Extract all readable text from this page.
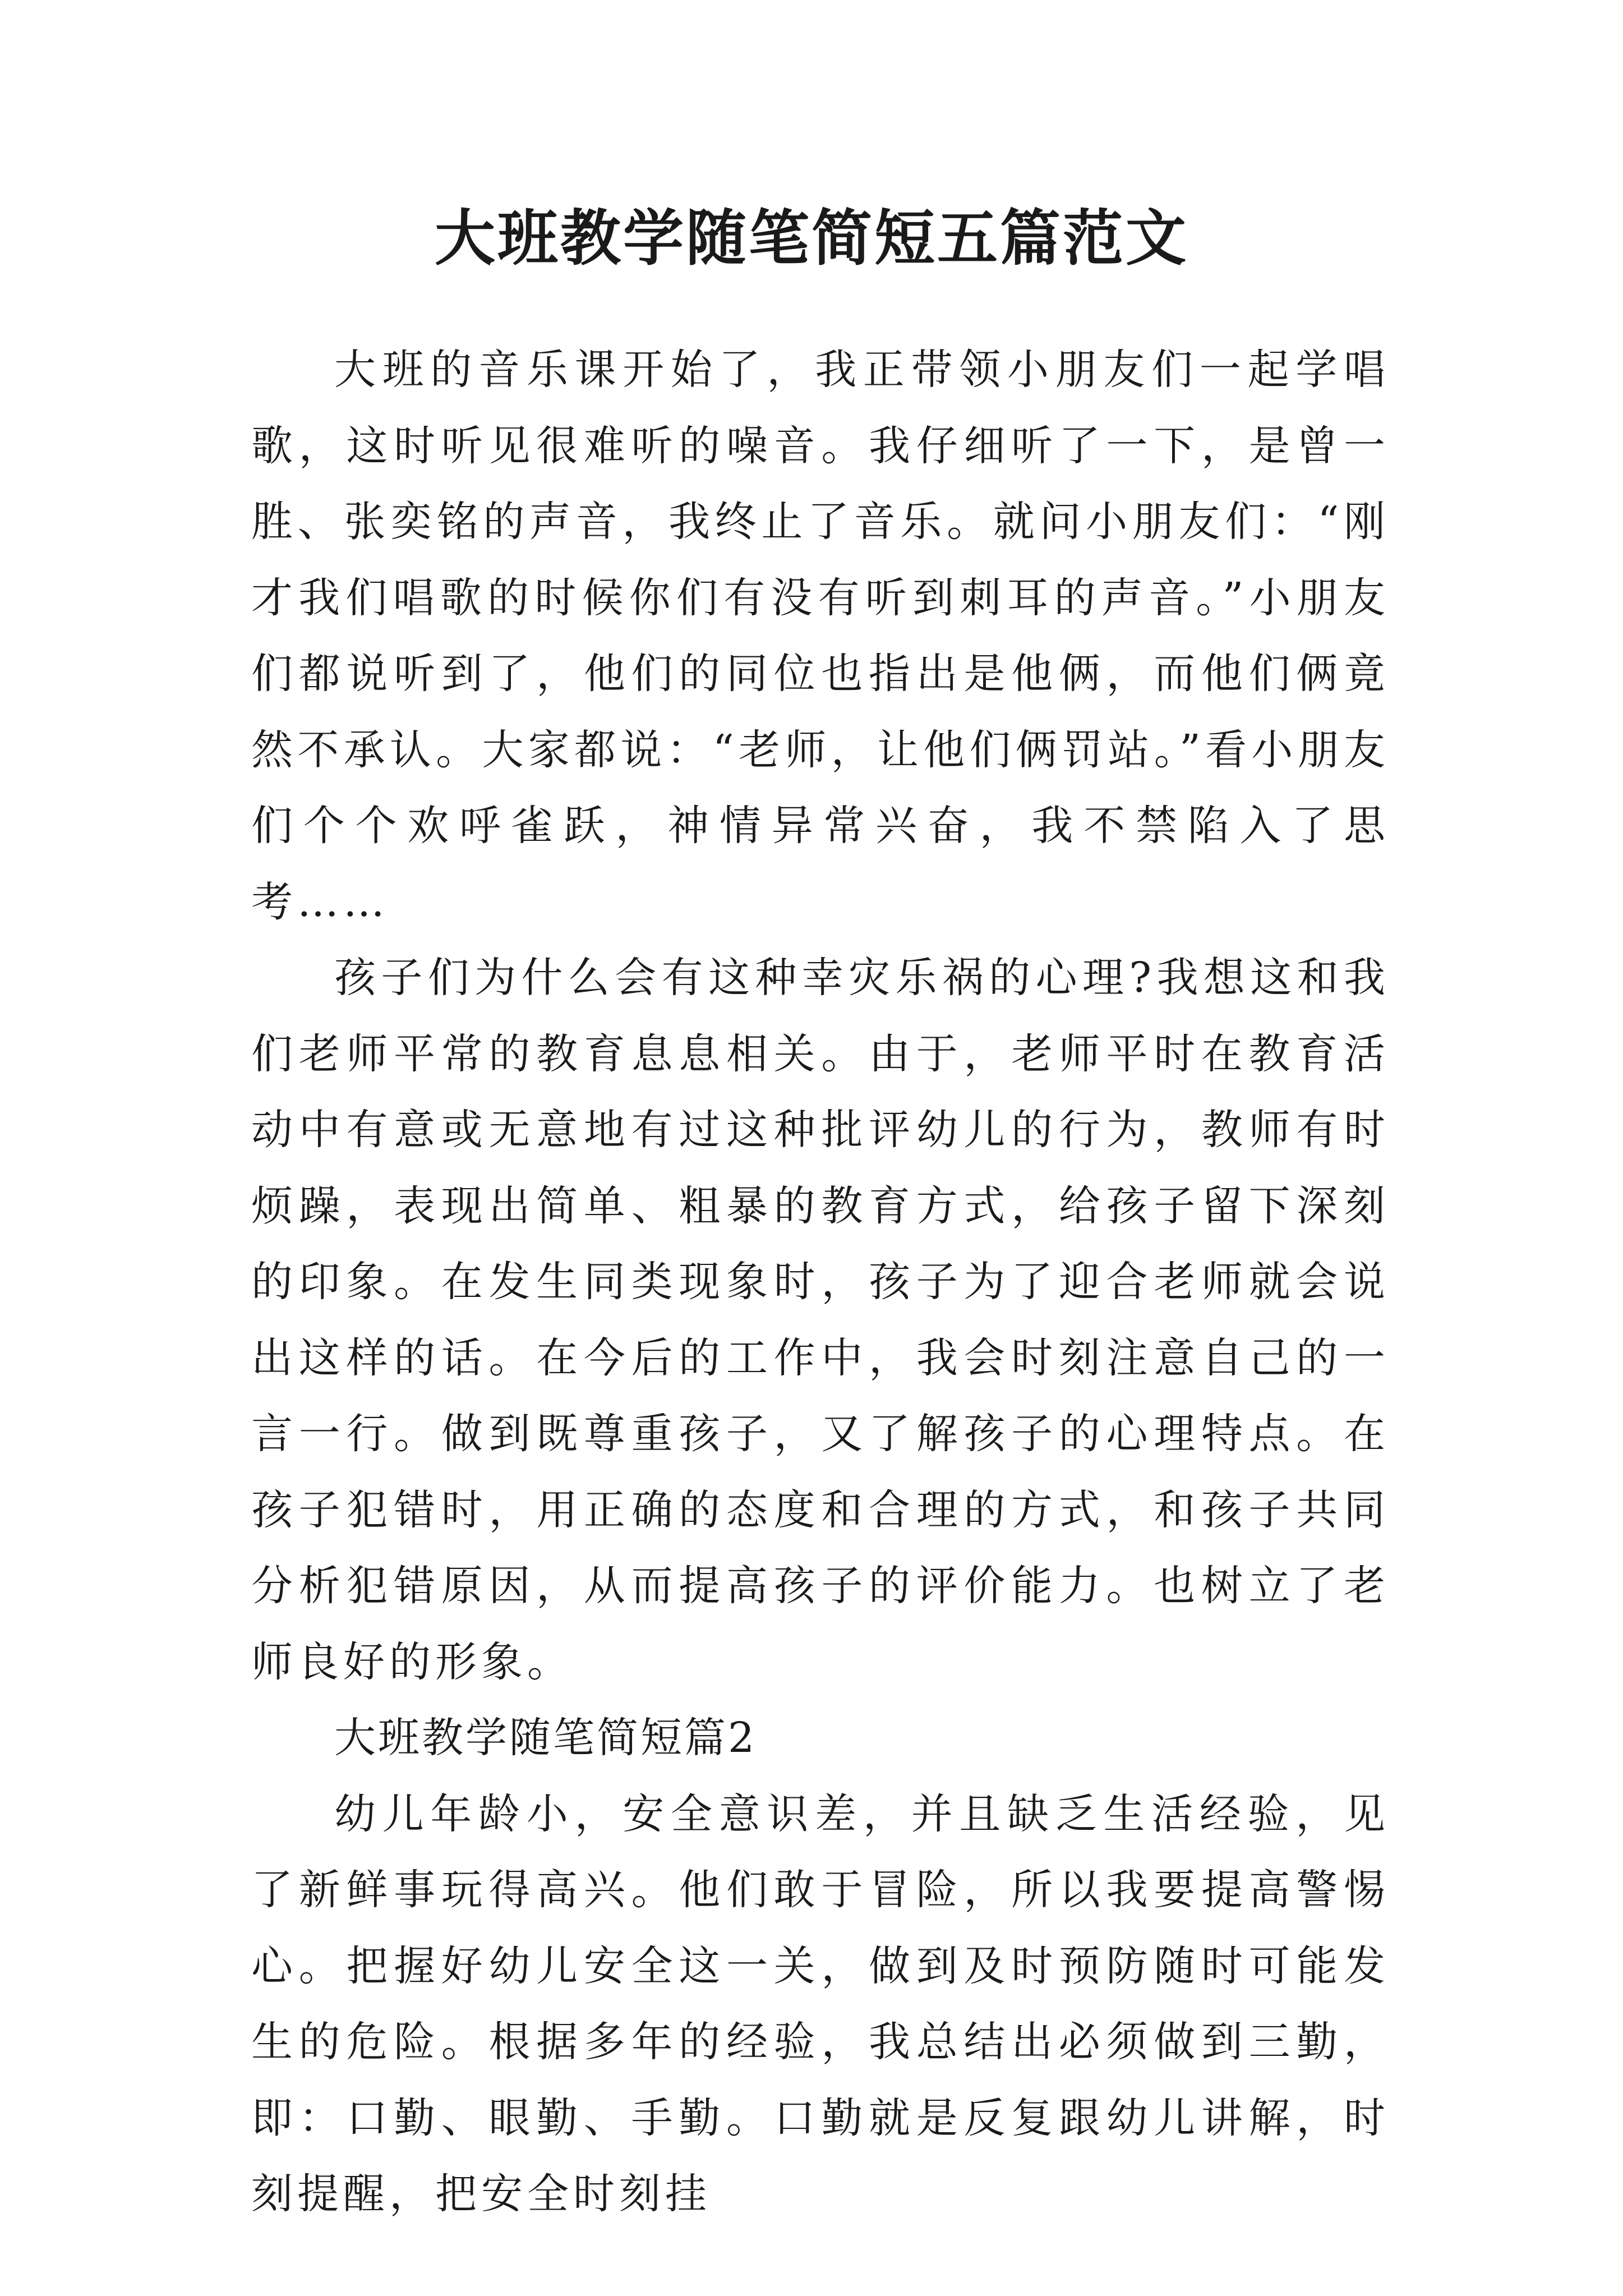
大班教学随笔简短五篇范文

大班的音乐课开始了，我正带领小朋友们一起学唱歌，这时听见很难听的噪音。我仔细听了一下，是曾一胜、张奕铭的声音，我终止了音乐。就问小朋友们：“刚才我们唱歌的时候你们有没有听到刺耳的声音。”小朋友们都说听到了，他们的同位也指出是他俩，而他们俩竟然不承认。大家都说：“老师，让他们俩罚站。”看小朋友们个个欢呼雀跃，神情异常兴奋，我不禁陷入了思考……

孩子们为什么会有这种幸灾乐祸的心理?我想这和我们老师平常的教育息息相关。由于，老师平时在教育活动中有意或无意地有过这种批评幼儿的行为，教师有时烦躁，表现出简单、粗暴的教育方式，给孩子留下深刻的印象。在发生同类现象时，孩子为了迎合老师就会说出这样的话。在今后的工作中，我会时刻注意自己的一言一行。做到既尊重孩子，又了解孩子的心理特点。在孩子犯错时，用正确的态度和合理的方式，和孩子共同分析犯错原因，从而提高孩子的评价能力。也树立了老师良好的形象。

大班教学随笔简短篇2

幼儿年龄小，安全意识差，并且缺乏生活经验，见了新鲜事玩得高兴。他们敢于冒险，所以我要提高警惕心。把握好幼儿安全这一关，做到及时预防随时可能发生的危险。根据多年的经验，我总结出必须做到三勤，即：口勤、眼勤、手勤。口勤就是反复跟幼儿讲解，时刻提醒，把安全时刻挂
